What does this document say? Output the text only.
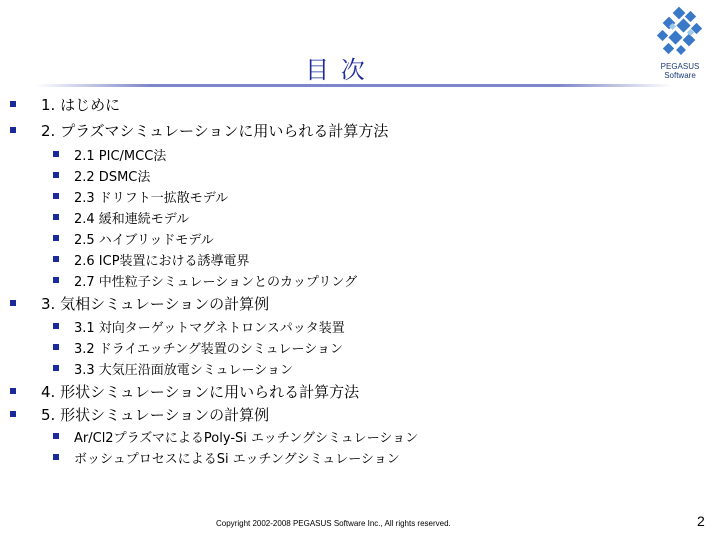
目 次	PEGASUS
Software
1. はじめに
2. プラズマシミュレーションに用いられる計算方法
2.1 PIC/MCC法
2.2 DSMC法
2.3 ドリフト一拡散モデル
2.4 緩和連続モデル
2.5 ハイブリッドモデル
2.6 ICP装置における誘導電界
2.7 中性粒子シミュレーションとのカップリング
3. 気相シミュレーションの計算例
3.1 対向ターゲットマグネトロンスパッタ装置
3.2 ドライエッチング装置のシミュレーション
3.3 大気圧沿面放電シミュレーション
4. 形状シミュレーションに用いられる計算方法
5. 形状シミュレーションの計算例
Ar/Cl2プラズマによるPoly-Si エッチングシミュレーション
ボッシュプロセスによるSi エッチングシミュレーション
Copyright 2002-2008 PEGASUS Software Inc., All rights reserved.	2
